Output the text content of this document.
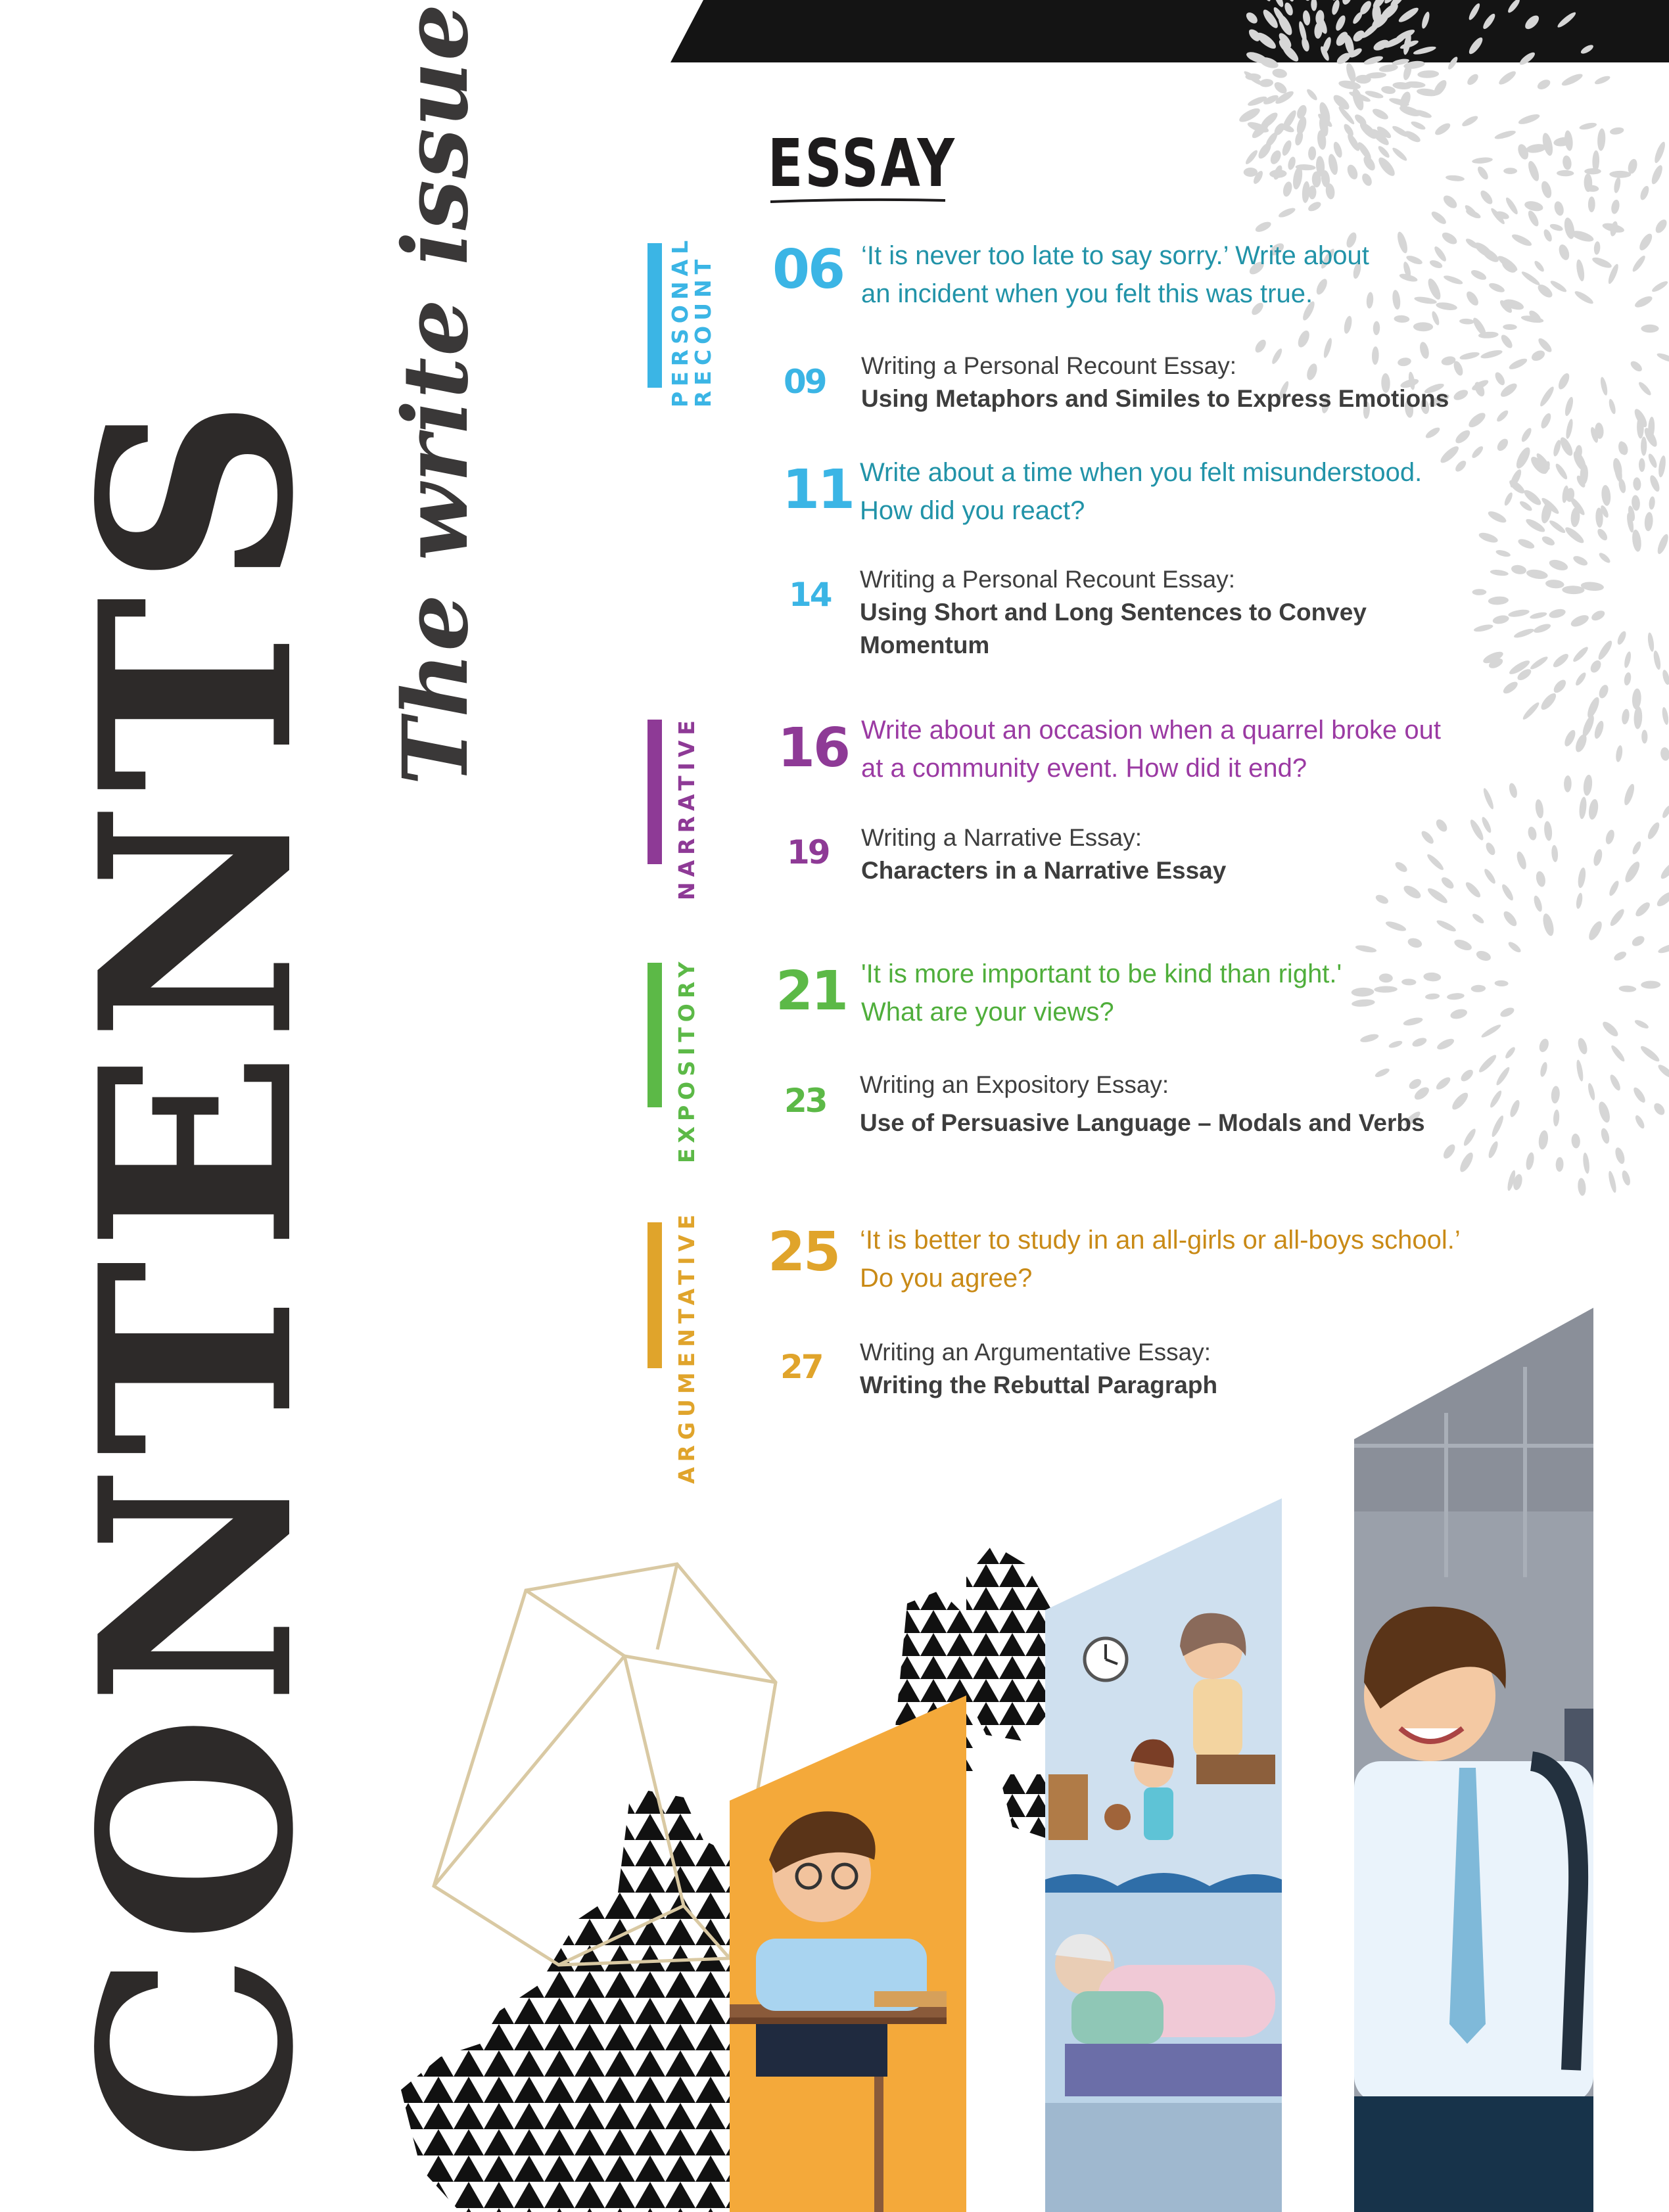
CONTENTS The write issue	ESSAY
PERSONAL
RECOUNT 06 ‘It is never too late to say sorry.’ Write about
an incident when you felt this was true.
09 Writing a Personal Recount Essay:
Using Metaphors and Similes to Express Emotions
11 Write about a time when you felt misunderstood.
How did you react?
14 Writing a Personal Recount Essay:
Using Short and Long Sentences to Convey
Momentum
NARRATIVE 16 Write about an occasion when a quarrel broke out
at a community event. How did it end?
19 Writing a Narrative Essay:
Characters in a Narrative Essay
EXPOSITORY 21 'It is more important to be kind than right.'
What are your views?
23 Writing an Expository Essay:
Use of Persuasive Language – Modals and Verbs
ARGUMENTATIVE 25 ‘It is better to study in an all-girls or all-boys school.’
Do you agree?
27 Writing an Argumentative Essay:
Writing the Rebuttal Paragraph
